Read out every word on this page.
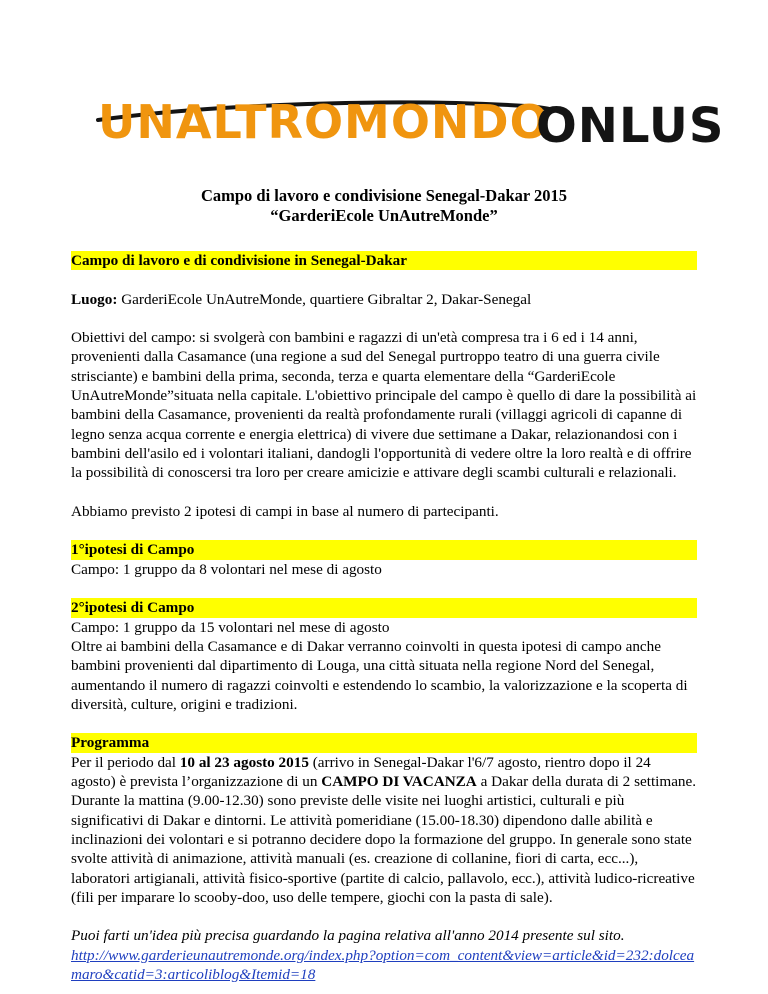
UNALTROMONDO
ONLUS
Campo di lavoro e condivisione Senegal-Dakar 2015
“GarderiEcole UnAutreMonde”
Campo di lavoro e di condivisione in Senegal-Dakar

Luogo: GarderiEcole UnAutreMonde, quartiere Gibraltar 2, Dakar-Senegal

Obiettivi del campo: si svolgerà con bambini e ragazzi di un'età compresa tra i 6 ed i 14 anni, provenienti dalla Casamance (una regione a sud del Senegal purtroppo teatro di una guerra civile strisciante) e bambini della prima, seconda, terza e quarta elementare della “GarderiEcole UnAutreMonde”situata nella capitale. L'obiettivo principale del campo è quello di dare la possibilità ai bambini della Casamance, provenienti da realtà profondamente rurali (villaggi agricoli di capanne di legno senza acqua corrente e energia elettrica) di vivere due settimane a Dakar, relazionandosi con i bambini dell'asilo ed i volontari italiani, dandogli l'opportunità di vedere oltre la loro realtà e di offrire la possibilità di conoscersi tra loro per creare amicizie e attivare degli scambi culturali e relazionali.

Abbiamo previsto 2 ipotesi di campi in base al numero di partecipanti.

1°ipotesi di Campo

Campo: 1 gruppo da 8 volontari nel mese di agosto

2°ipotesi di Campo

Campo: 1 gruppo da 15 volontari nel mese di agosto

Oltre ai bambini della Casamance e di Dakar verranno coinvolti in questa ipotesi di campo anche bambini provenienti dal dipartimento di Louga, una città situata nella regione Nord del Senegal, aumentando il numero di ragazzi coinvolti e estendendo lo scambio, la valorizzazione e la scoperta di diversità, culture, origini e tradizioni.

Programma

Per il periodo dal 10 al 23 agosto 2015 (arrivo in Senegal-Dakar l'6/7 agosto, rientro dopo il 24 agosto) è prevista l’organizzazione di un CAMPO DI VACANZA a Dakar della durata di 2 settimane. Durante la mattina (9.00-12.30) sono previste delle visite nei luoghi artistici, culturali e più significativi di Dakar e dintorni. Le attività pomeridiane (15.00-18.30) dipendono dalle abilità e inclinazioni dei volontari e si potranno decidere dopo la formazione del gruppo. In generale sono state svolte attività di animazione, attività manuali (es. creazione di collanine, fiori di carta, ecc...), laboratori artigianali, attività fisico-sportive (partite di calcio, pallavolo, ecc.), attività ludico-ricreative (fili per imparare lo scooby-doo, uso delle tempere, giochi con la pasta di sale).

Puoi farti un'idea più precisa guardando la pagina relativa all'anno 2014 presente sul sito.

http://www.garderieunautremonde.org/index.php?option=com_content&view=article&id=232:dolceamaro&catid=3:articoliblog&Itemid=18
